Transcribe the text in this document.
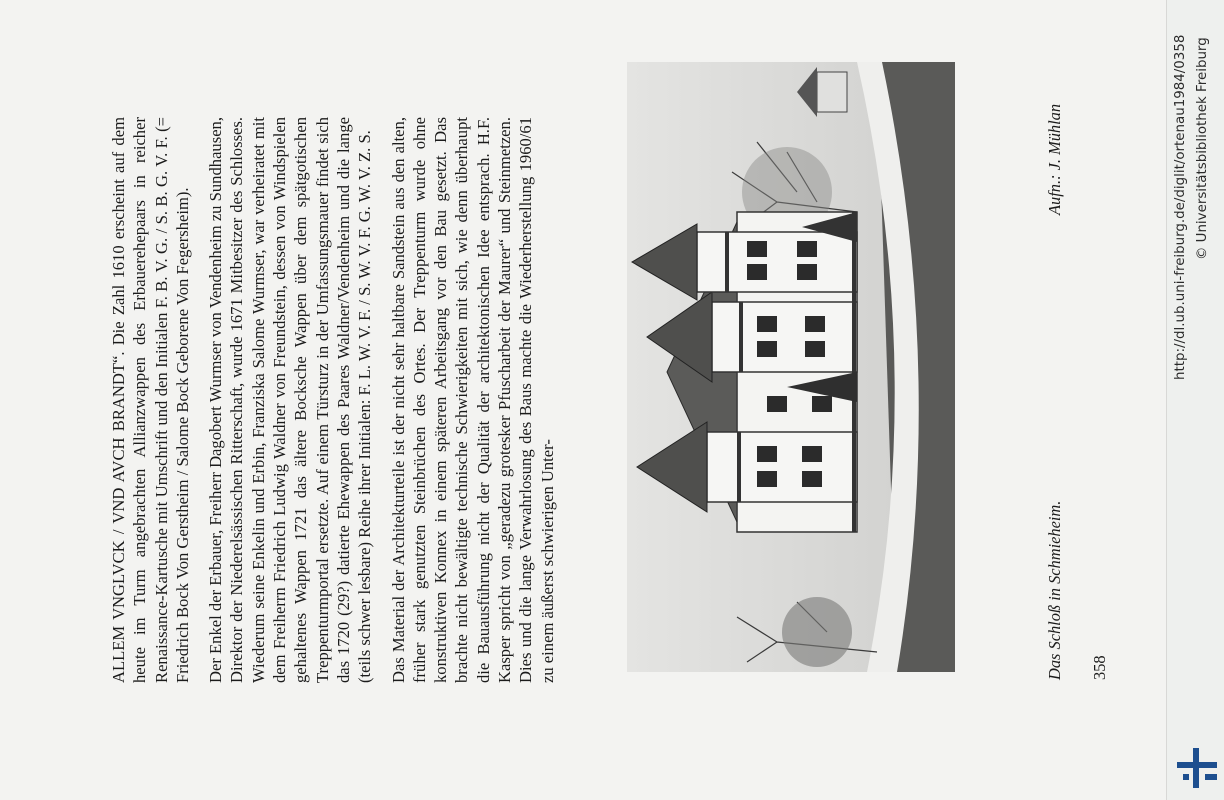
ALLEM VNGLVCK / VND AVCH BRANDT“. Die Zahl 1610 erscheint auf dem heute im Turm angebrachten Allianzwappen des Erbauerehepaars in reicher Renaissance-Kartusche mit Umschrift und den Initialen F. B. V. G. / S. B. G. V. F. (= Friedrich Bock Von Gerstheim / Salome Bock Geborene Von Fegersheim). Der Enkel der Erbauer, Freiherr Dagobert Wurmser von Vendenheim zu Sundhausen, Direktor der Niederelsässischen Ritterschaft, wurde 1671 Mitbesitzer des Schlosses. Wiederum seine Enkelin und Erbin, Franziska Salome Wurmser, war verheiratet mit dem Freiherrn Friedrich Ludwig Waldner von Freundstein, dessen von Windspielen gehaltenes Wappen 1721 das ältere Bocksche Wappen über dem spätgotischen Treppenturmportal ersetzte. Auf einem Türsturz in der Umfassungsmauer findet sich das 1720 (29?) datierte Ehewappen des Paares Waldner/Vendenheim und die lange (teils schwer lesbare) Reihe ihrer Initialen: F. L. W. V. F. / S. W. V. F. G. W. V. Z. S. Das Material der Architekturteile ist der nicht sehr haltbare Sandstein aus den alten, früher stark genutzten Steinbrüchen des Ortes. Der Treppenturm wurde ohne konstruktiven Konnex in einem späteren Arbeitsgang vor den Bau gesetzt. Das brachte nicht bewältigte technische Schwierigkeiten mit sich, wie denn überhaupt die Bauausführung nicht der Qualität der architektonischen Idee entsprach. H.F. Kasper spricht von „geradezu grotesker Pfuscharbeit der Maurer“ und Steinmetzen. Dies und die lange Verwahrlosung des Baus machte die Wiederherstellung 1960/61 zu einem äußerst schwierigen Unter-	Das Schloß in Schmieheim.
Aufn.: J. Mühlan
358
http://dl.ub.uni-freiburg.de/diglit/ortenau1984/0358 © Universitätsbibliothek Freiburg
